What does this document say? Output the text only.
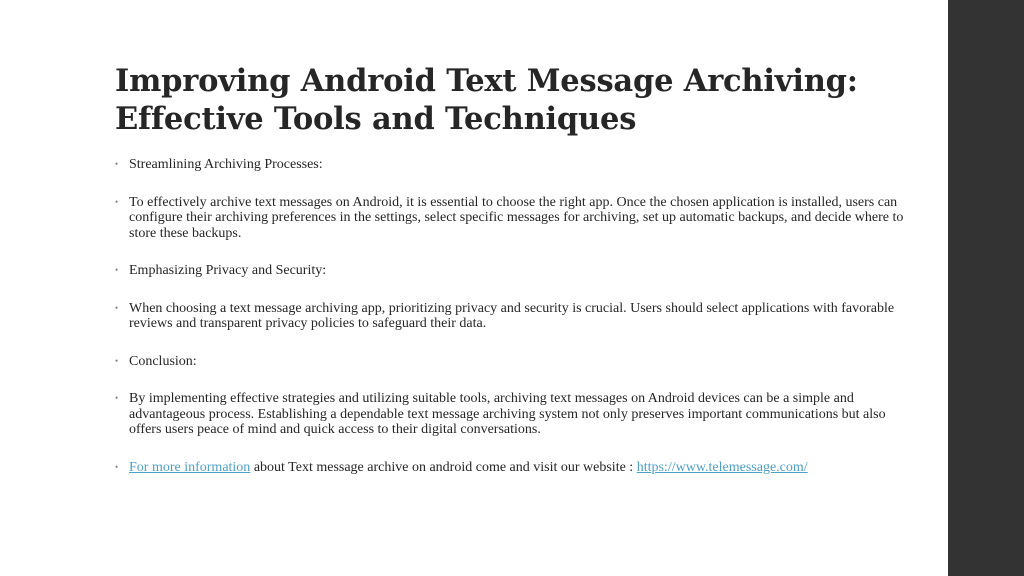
Improving Android Text Message Archiving:
Effective Tools and Techniques
• Streamlining Archiving Processes:
• To effectively archive text messages on Android, it is essential to choose the right app. Once the chosen application is installed, users can configure their archiving preferences in the settings, select specific messages for archiving, set up automatic backups, and decide where to store these backups.
• Emphasizing Privacy and Security:
• When choosing a text message archiving app, prioritizing privacy and security is crucial. Users should select applications with favorable reviews and transparent privacy policies to safeguard their data.
• Conclusion:
• By implementing effective strategies and utilizing suitable tools, archiving text messages on Android devices can be a simple and advantageous process. Establishing a dependable text message archiving system not only preserves important communications but also offers users peace of mind and quick access to their digital conversations.
• For more information about Text message archive on android come and visit our website : https://www.telemessage.com/
